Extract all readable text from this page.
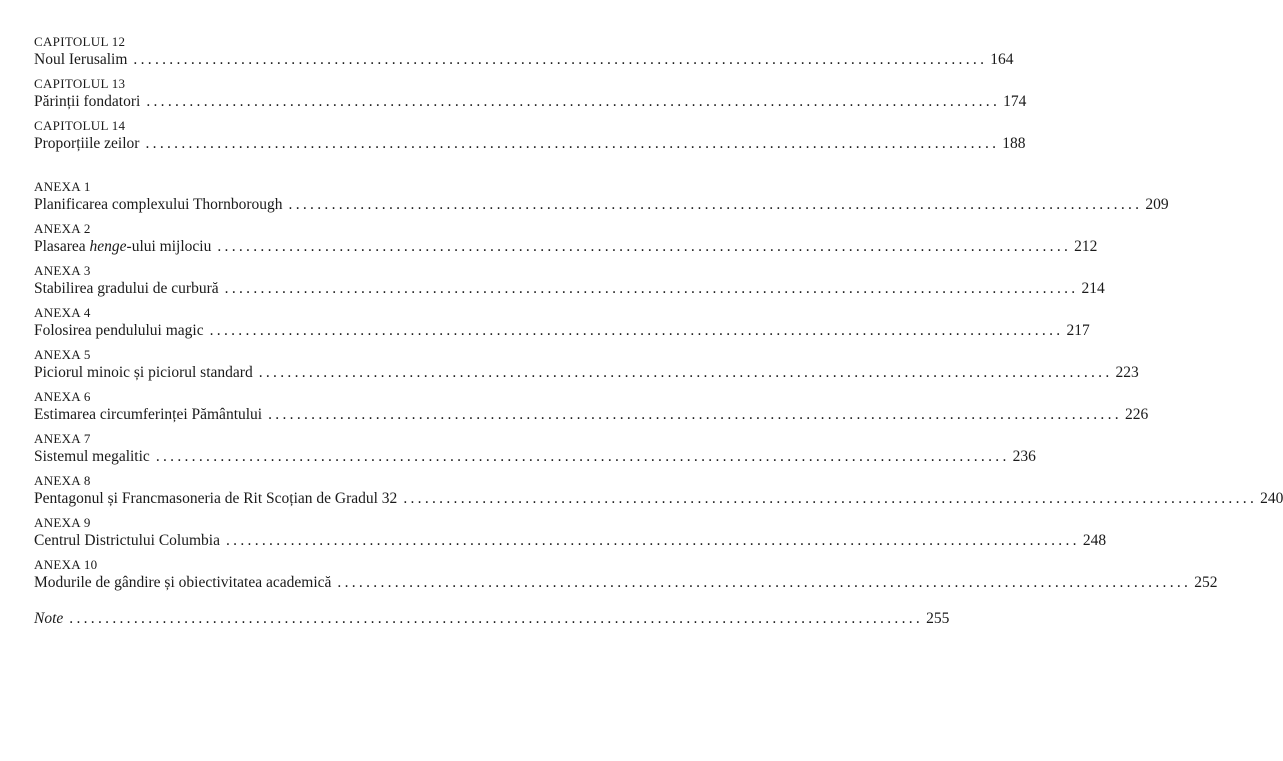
CAPITOLUL 12
Noul Ierusalim ....................................................................................................................... 164
CAPITOLUL 13
Părinții fondatori ....................................................................................................................... 174
CAPITOLUL 14
Proporțiile zeilor ....................................................................................................................... 188
ANEXA 1
Planificarea complexului Thornborough ....................................................................................................................... 209
ANEXA 2
Plasarea henge-ului mijlociu ....................................................................................................................... 212
ANEXA 3
Stabilirea gradului de curbură ....................................................................................................................... 214
ANEXA 4
Folosirea pendulului magic ....................................................................................................................... 217
ANEXA 5
Piciorul minoic și piciorul standard ....................................................................................................................... 223
ANEXA 6
Estimarea circumferinței Pământului ....................................................................................................................... 226
ANEXA 7
Sistemul megalitic ....................................................................................................................... 236
ANEXA 8
Pentagonul și Francmasoneria de Rit Scoțian de Gradul 32 ....................................................................................................................... 240
ANEXA 9
Centrul Districtului Columbia ....................................................................................................................... 248
ANEXA 10
Modurile de gândire și obiectivitatea academică ....................................................................................................................... 252
Note ....................................................................................................................... 255
